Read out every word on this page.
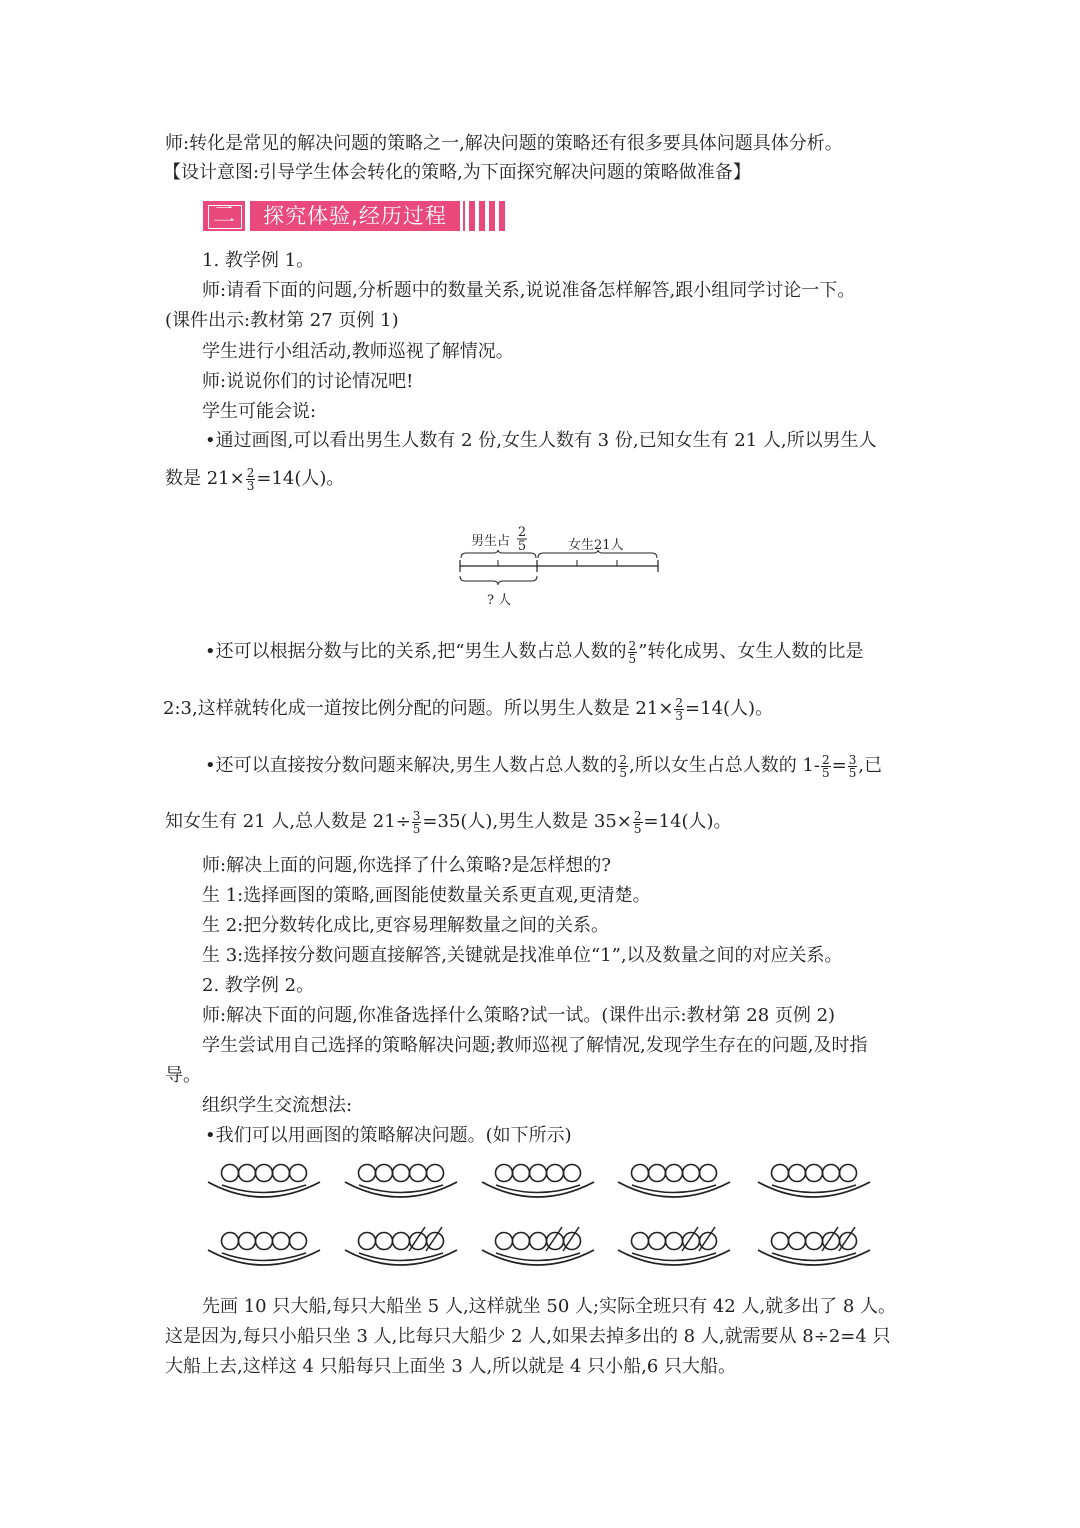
师:转化是常见的解决问题的策略之一,解决问题的策略还有很多要具体问题具体分析。
【设计意图:引导学生体会转化的策略,为下面探究解决问题的策略做准备】
二	探究体验,经历过程
1. 教学例 1。
师:请看下面的问题,分析题中的数量关系,说说准备怎样解答,跟小组同学讨论一下。
(课件出示:教材第 27 页例 1)
学生进行小组活动,教师巡视了解情况。
师:说说你们的讨论情况吧!
学生可能会说:
•通过画图,可以看出男生人数有 2 份,女生人数有 3 份,已知女生有 21 人,所以男生人
数是 $21\times \frac{2}{3} =14$(人)。
男生占
2
5	女生21人
? 人
•还可以根据分数与比的关系,把“男生人数占总人数的 $\frac{2}{5}$ ”转化成男、女生人数的比是
2:3,这样就转化成一道按比例分配的问题。所以男生人数是 $21\times \frac{2}{3} =14$(人)。
•还可以直接按分数问题来解决,男生人数占总人数的 $\frac{2}{5}$ ,所以女生占总人数的 $1- \frac{2}{5} = \frac{3}{5}$ ,已
知女生有 21 人,总人数是 $21\div \frac{3}{5} =35$(人),男生人数是 $35\times \frac{2}{5} =14$(人)。
师:解决上面的问题,你选择了什么策略?是怎样想的?
生 1:选择画图的策略,画图能使数量关系更直观,更清楚。
生 2:把分数转化成比,更容易理解数量之间的关系。
生 3:选择按分数问题直接解答,关键就是找准单位“1”,以及数量之间的对应关系。
2. 教学例 2。
师:解决下面的问题,你准备选择什么策略?试一试。(课件出示:教材第 28 页例 2)
学生尝试用自己选择的策略解决问题;教师巡视了解情况,发现学生存在的问题,及时指
导。
组织学生交流想法:
•我们可以用画图的策略解决问题。(如下所示)
先画 10 只大船,每只大船坐 5 人,这样就坐 50 人;实际全班只有 42 人,就多出了 8 人。
这是因为,每只小船只坐 3 人,比每只大船少 2 人,如果去掉多出的 8 人,就需要从 8÷2=4 只
大船上去,这样这 4 只船每只上面坐 3 人,所以就是 4 只小船,6 只大船。
